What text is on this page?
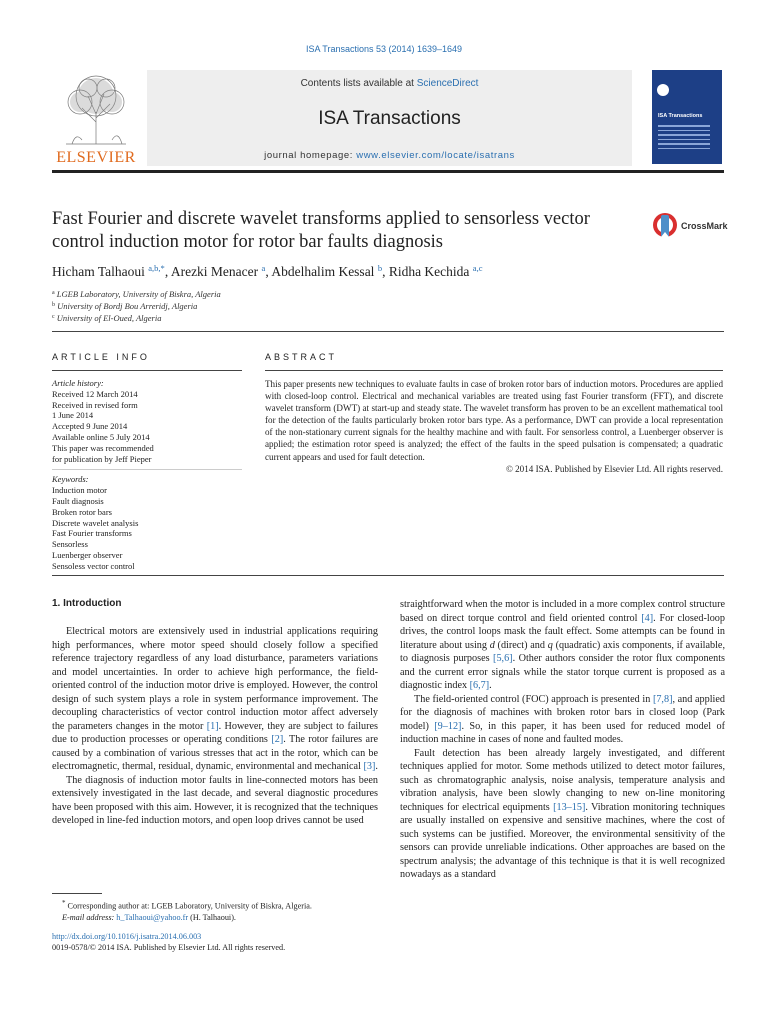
ISA Transactions 53 (2014) 1639–1649
ELSEVIER
Contents lists available at ScienceDirect
ISA Transactions
journal homepage: www.elsevier.com/locate/isatrans
ISA Transactions
Fast Fourier and discrete wavelet transforms applied to sensorless vector control induction motor for rotor bar faults diagnosis
CrossMark
Hicham Talhaoui $^{a,b,*}$, Arezki Menacer $^a$, Abdelhalim Kessal $^b$, Ridha Kechida $^{a,c}$
$^a$ LGEB Laboratory, University of Biskra, Algeria
$^b$ University of Bordj Bou Arreridj, Algeria
$^c$ University of El-Oued, Algeria
ARTICLE INFO	ABSTRACT
Article history:
Received 12 March 2014
Received in revised form
1 June 2014
Accepted 9 June 2014
Available online 5 July 2014
This paper was recommended
for publication by Jeff Pieper
Keywords:
Induction motor
Fault diagnosis
Broken rotor bars
Discrete wavelet analysis
Fast Fourier transforms
Sensorless
Luenberger observer
Sensoless vector control
This paper presents new techniques to evaluate faults in case of broken rotor bars of induction motors. Procedures are applied with closed-loop control. Electrical and mechanical variables are treated using fast Fourier transform (FFT), and discrete wavelet transform (DWT) at start-up and steady state. The wavelet transform has proven to be an excellent mathematical tool for the detection of the faults particularly broken rotor bars type. As a performance, DWT can provide a local representation of the non-stationary current signals for the healthy machine and with fault. For sensorless control, a Luenberger observer is applied; the estimation rotor speed is analyzed; the effect of the faults in the speed pulsation is compensated; a quadratic current appears and used for fault detection.
© 2014 ISA. Published by Elsevier Ltd. All rights reserved.
1. Introduction

Electrical motors are extensively used in industrial applications requiring high performances, where motor speed should closely follow a specified reference trajectory regardless of any load disturbance, parameters variations and model uncertainties. In order to achieve high performance, the field-oriented control of the induction motor drive is employed. However, the control design of such system plays a role in system performance improvement. The decoupling characteristics of vector control induction motor affect adversely the parameters changes in the motor [1]. However, they are subject to failures due to production processes or operating conditions [2]. The rotor failures are caused by a combination of various stresses that act in the rotor, which can be electromagnetic, thermal, residual, dynamic, environmental and mechanical [3].

The diagnosis of induction motor faults in line-connected motors has been extensively investigated in the last decade, and several diagnostic procedures have been proposed with this aim. However, it is recognized that the techniques developed in line-fed induction motors, and open loop drives cannot be used

straightforward when the motor is included in a more complex control structure based on direct torque control and field oriented control [4]. For closed-loop drives, the control loops mask the fault effect. Some attempts can be found in literature about using d (direct) and q (quadratic) axis components, if available, to diagnosis purposes [5,6]. Other authors consider the rotor flux components and the current error signals while the stator torque current is proposed as a diagnostic index [6,7].

The field-oriented control (FOC) approach is presented in [7,8], and applied for the diagnosis of machines with broken rotor bars in closed loop (Park model) [9–12]. So, in this paper, it has been used for reduced model of induction machine in cases of none and faulted modes.

Fault detection has been already largely investigated, and different techniques applied for motor. Some methods utilized to detect motor failures, such as chromatographic analysis, noise analysis, temperature analysis and vibration analysis, have been slowly changing to new on-line monitoring techniques for electrical equipments [13–15]. Vibration monitoring techniques are usually installed on expensive and sensitive machines, where the cost of such systems can be justified. Moreover, the environmental sensitivity of the sensors can provide unreliable indications. Other approaches are based on the spectrum analysis; the advantage of this technique is that it is well recognized nowadays as a standard

* Corresponding author at: LGEB Laboratory, University of Biskra, Algeria.
E-mail address: h_Talhaoui@yahoo.fr (H. Talhaoui).
http://dx.doi.org/10.1016/j.isatra.2014.06.003
0019-0578/© 2014 ISA. Published by Elsevier Ltd. All rights reserved.
